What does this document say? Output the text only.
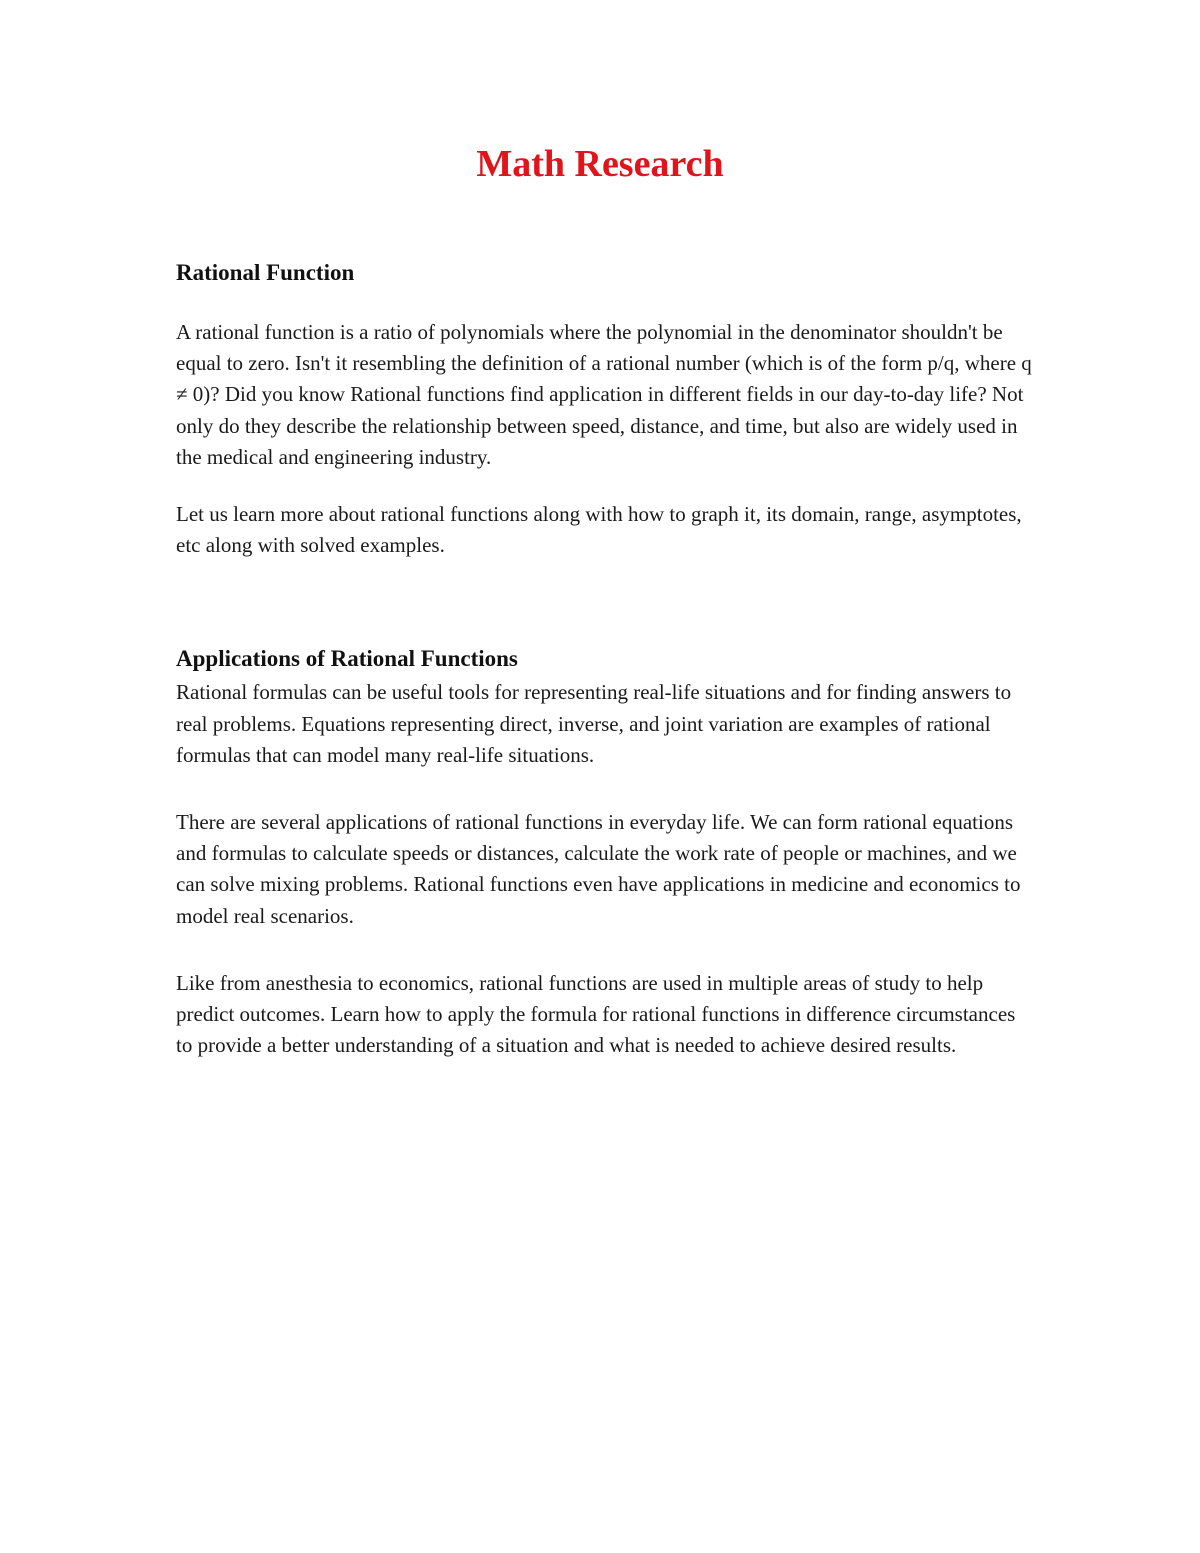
Math Research
Rational Function

A rational function is a ratio of polynomials where the polynomial in the denominator shouldn't be equal to zero. Isn't it resembling the definition of a rational number (which is of the form p/q, where q ≠ 0)? Did you know Rational functions find application in different fields in our day-to-day life? Not only do they describe the relationship between speed, distance, and time, but also are widely used in the medical and engineering industry.

Let us learn more about rational functions along with how to graph it, its domain, range, asymptotes, etc along with solved examples.

Applications of Rational Functions

Rational formulas can be useful tools for representing real-life situations and for finding answers to real problems. Equations representing direct, inverse, and joint variation are examples of rational formulas that can model many real-life situations.

There are several applications of rational functions in everyday life. We can form rational equations and formulas to calculate speeds or distances, calculate the work rate of people or machines, and we can solve mixing problems. Rational functions even have applications in medicine and economics to model real scenarios.

Like from anesthesia to economics, rational functions are used in multiple areas of study to help predict outcomes. Learn how to apply the formula for rational functions in difference circumstances to provide a better understanding of a situation and what is needed to achieve desired results.
